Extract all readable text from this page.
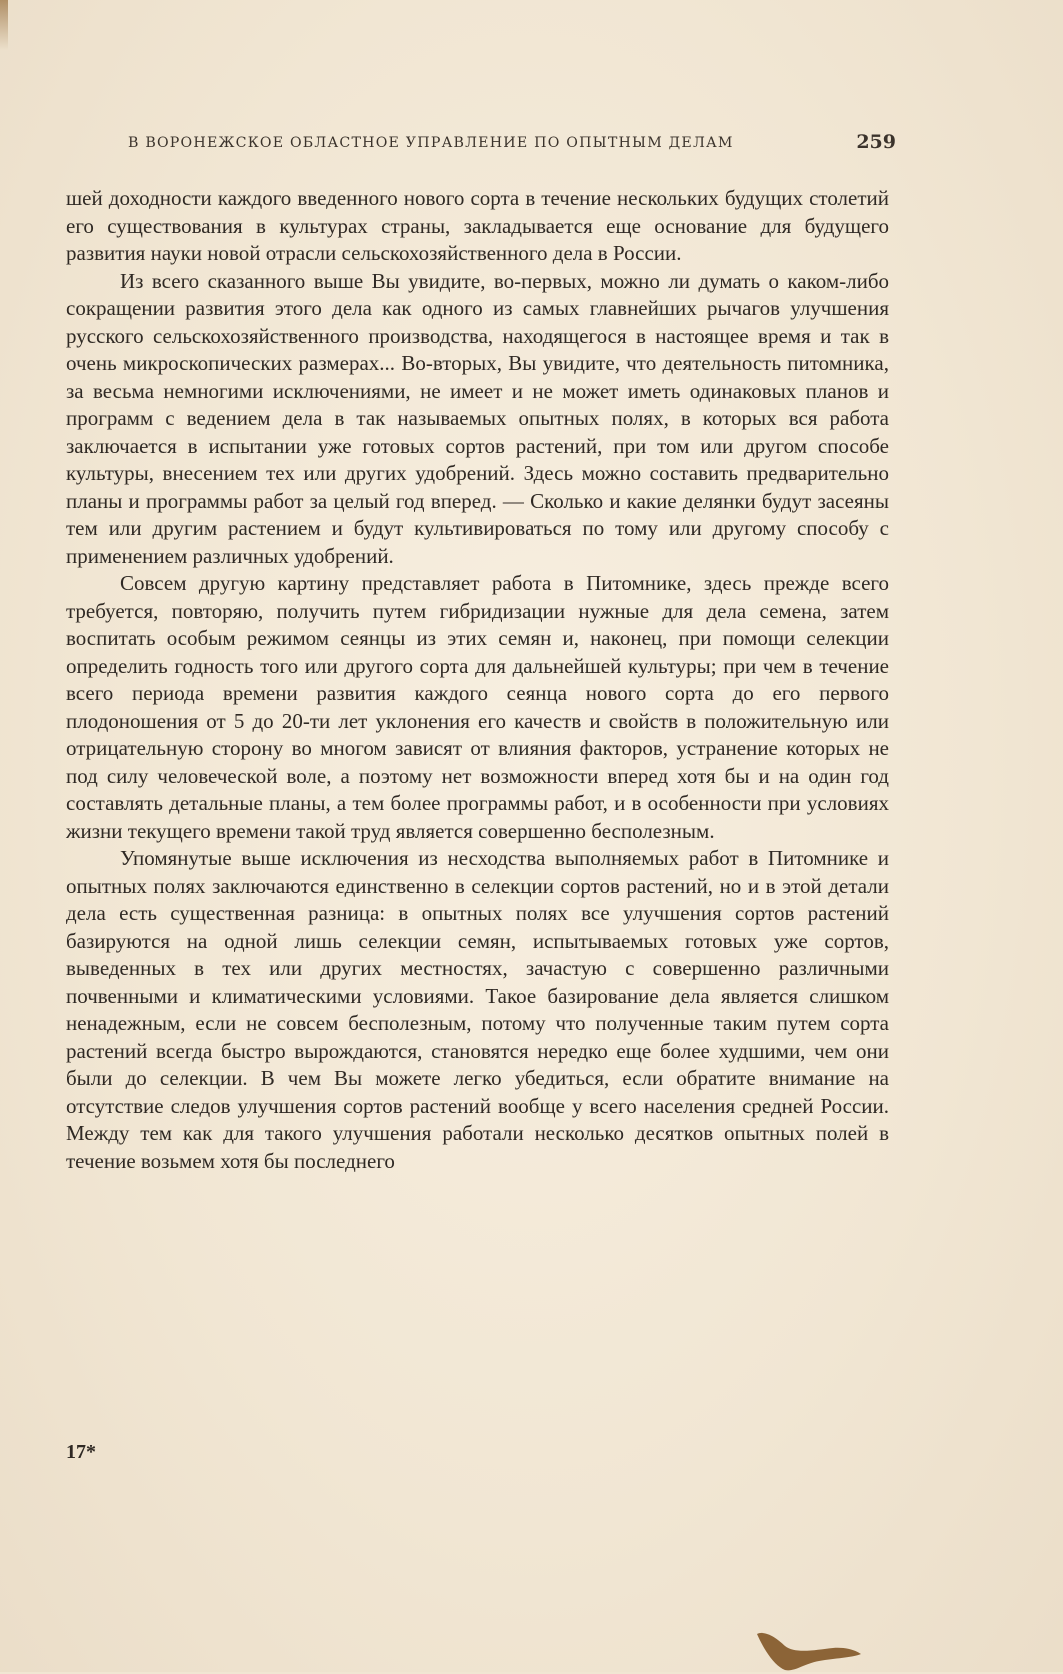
В ВОРОНЕЖСКОЕ ОБЛАСТНОЕ УПРАВЛЕНИЕ ПО ОПЫТНЫМ ДЕЛАМ	259

шей доходности каждого введенного нового сорта в течение нескольких будущих столетий его существования в культурах страны, закладывается еще основание для будущего развития науки новой отрасли сельскохозяйственного дела в России.

Из всего сказанного выше Вы увидите, во-первых, можно ли думать о каком-либо сокращении развития этого дела как одного из самых главнейших рычагов улучшения русского сельскохозяйственного производства, находящегося в настоящее время и так в очень микроскопических размерах... Во-вторых, Вы увидите, что деятельность питомника, за весьма немногими исключениями, не имеет и не может иметь одинаковых планов и программ с ведением дела в так называемых опытных полях, в которых вся работа заключается в испытании уже готовых сортов растений, при том или другом способе культуры, внесением тех или других удобрений. Здесь можно составить предварительно планы и программы работ за целый год вперед. — Сколько и какие делянки будут засеяны тем или другим растением и будут культивироваться по тому или другому способу с применением различных удобрений.

Совсем другую картину представляет работа в Питомнике, здесь прежде всего требуется, повторяю, получить путем гибридизации нужные для дела семена, затем воспитать особым режимом сеянцы из этих семян и, наконец, при помощи селекции определить годность того или другого сорта для дальнейшей культуры; при чем в течение всего периода времени развития каждого сеянца нового сорта до его первого плодоношения от 5 до 20-ти лет уклонения его качеств и свойств в положительную или отрицательную сторону во многом зависят от влияния факторов, устранение которых не под силу человеческой воле, а поэтому нет возможности вперед хотя бы и на один год составлять детальные планы, а тем более программы работ, и в особенности при условиях жизни текущего времени такой труд является совершенно бесполезным.

Упомянутые выше исключения из несходства выполняемых работ в Питомнике и опытных полях заключаются единственно в селекции сортов растений, но и в этой детали дела есть существенная разница: в опытных полях все улучшения сортов растений базируются на одной лишь селекции семян, испытываемых готовых уже сортов, выведенных в тех или других местностях, зачастую с совершенно различными почвенными и климатическими условиями. Такое базирование дела является слишком ненадежным, если не совсем бесполезным, потому что полученные таким путем сорта растений всегда быстро вырождаются, становятся нередко еще более худшими, чем они были до селекции. В чем Вы можете легко убедиться, если обратите внимание на отсутствие следов улучшения сортов растений вообще у всего населения средней России. Между тем как для такого улучшения работали несколько десятков опытных полей в течение возьмем хотя бы последнего

17*
